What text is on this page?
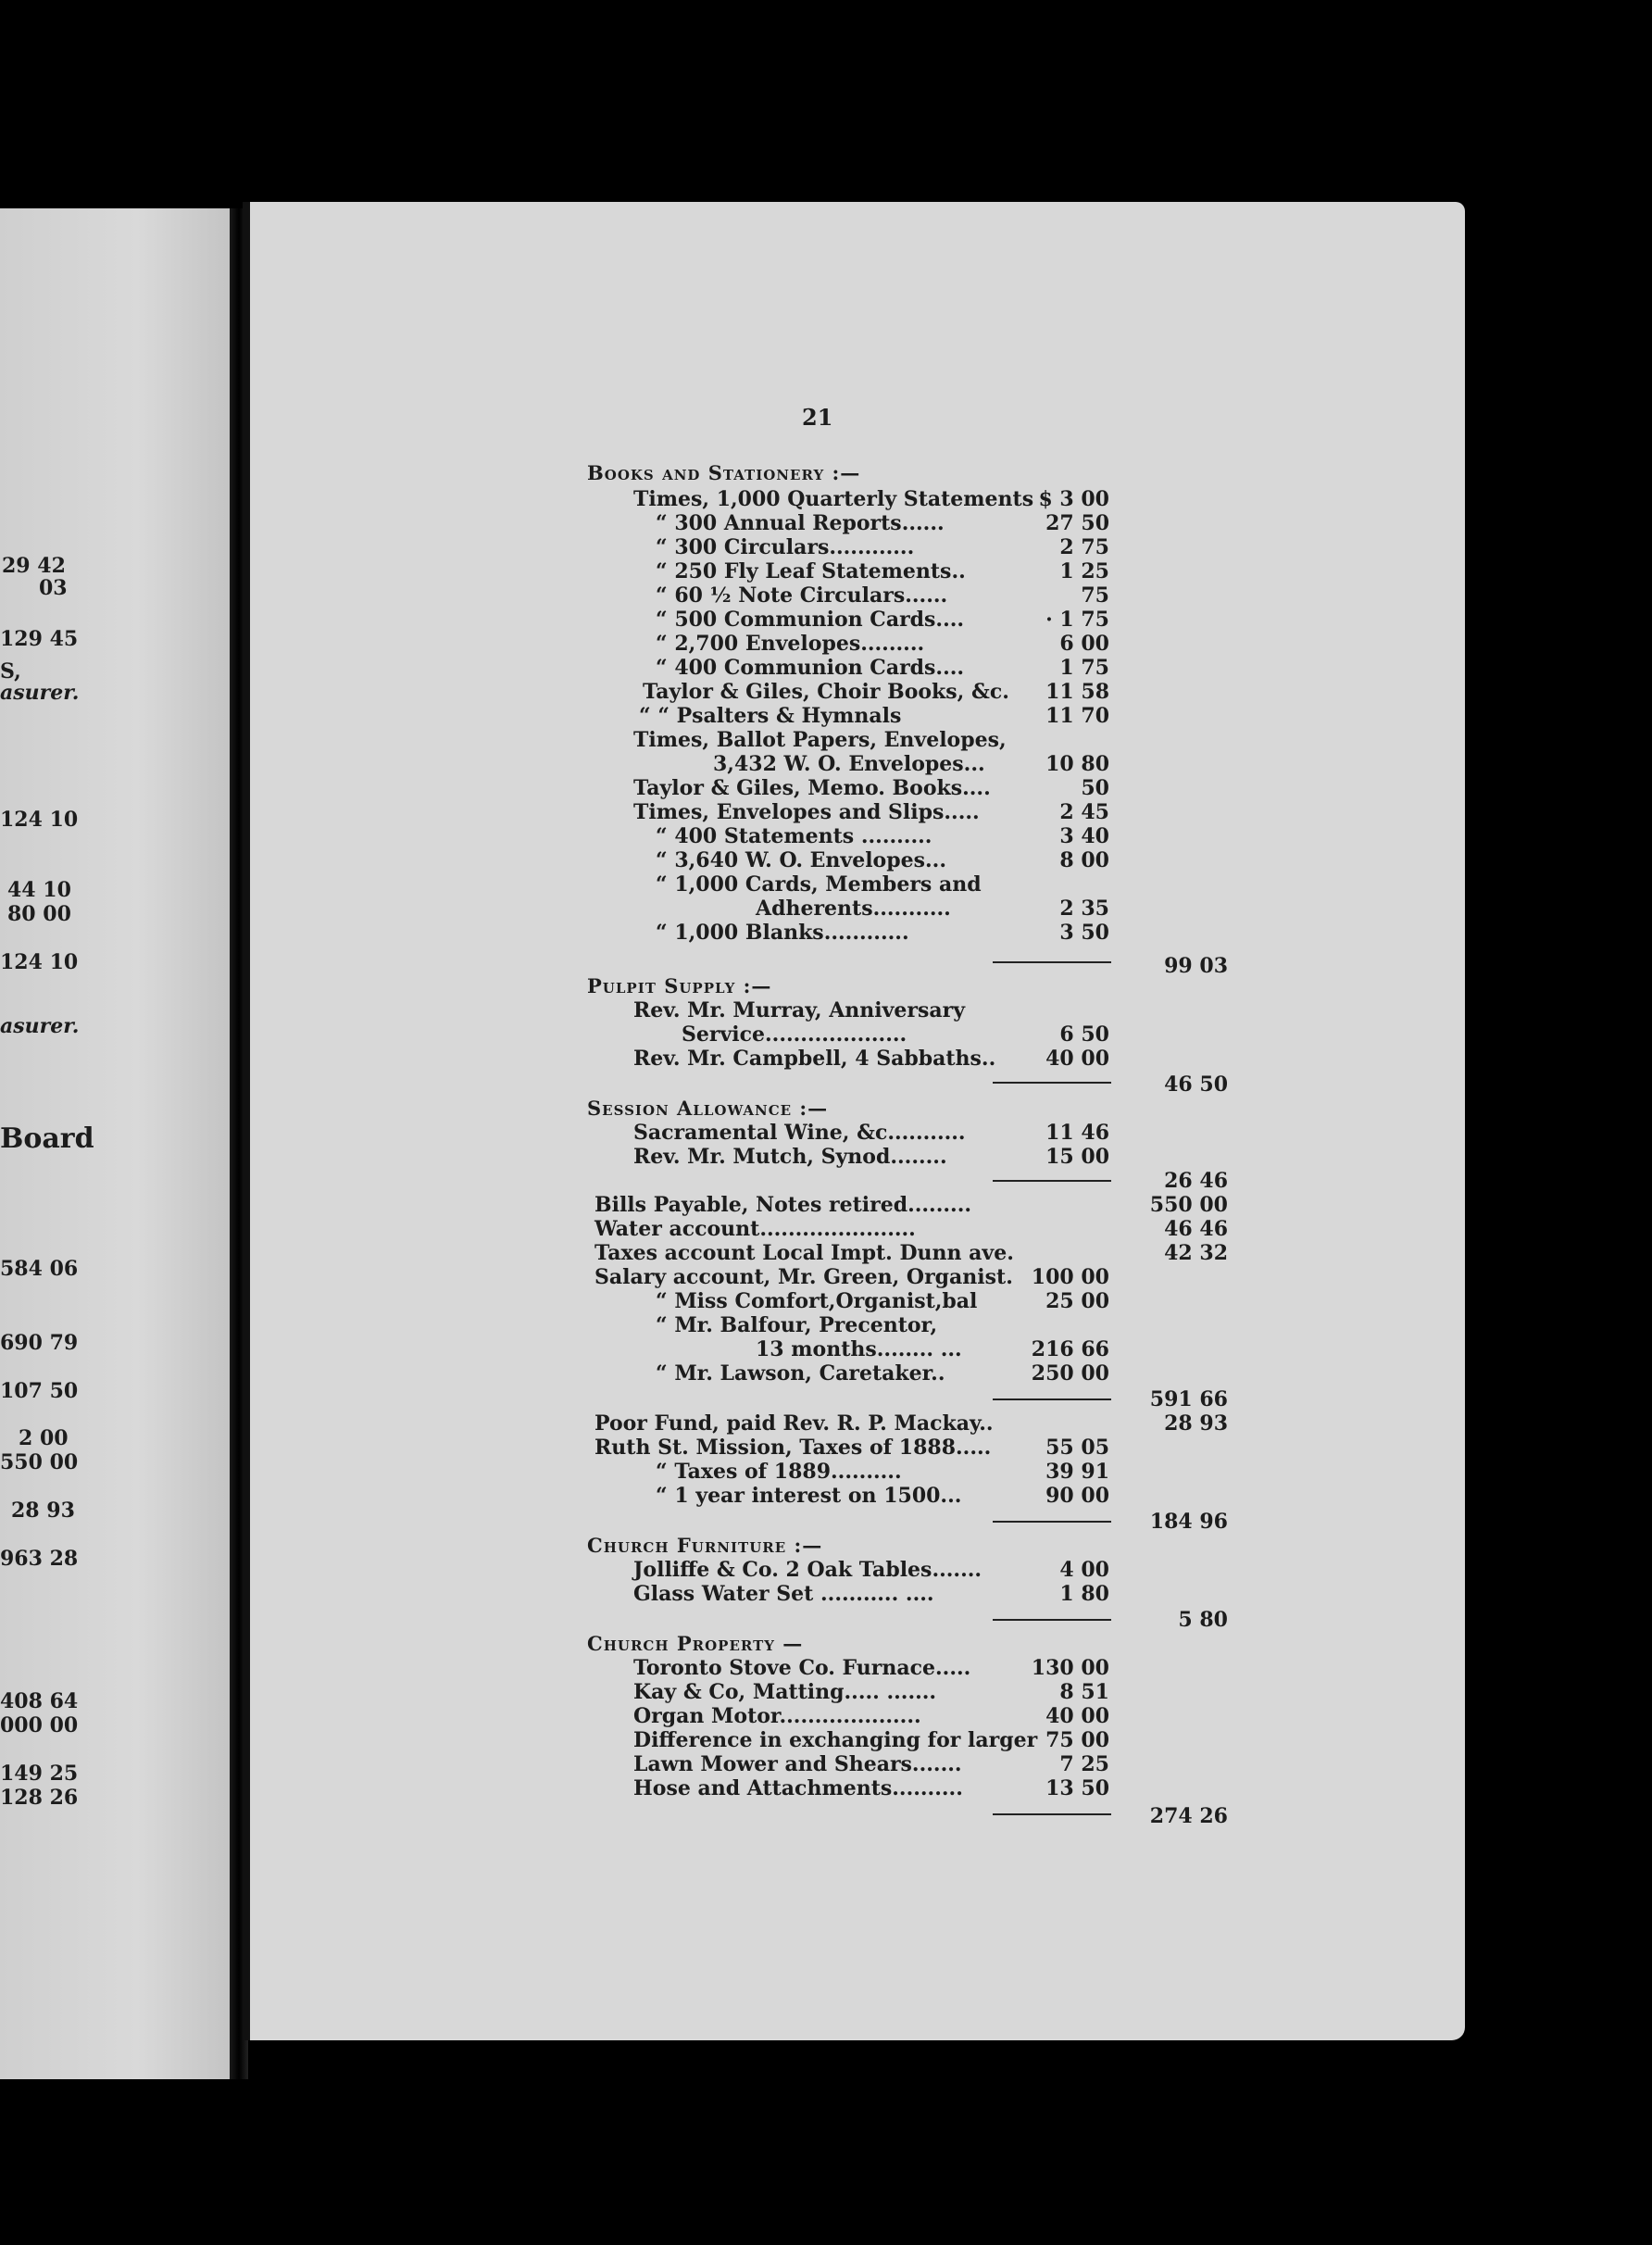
29 42
03
129 45
S,
asurer.
124 10
44 10
80 00
124 10
asurer.
Board
584 06
690 79
107 50
2 00
550 00
28 93
963 28
408 64
000 00
149 25
128 26
21
Books and Stationery :—
Times, 1,000 Quarterly Statements $ 3 00
“ 300 Annual Reports......	27 50
“ 300 Circulars............	2 75
“ 250 Fly Leaf Statements..	1 25
“ 60 ½ Note Circulars......	75
“ 500 Communion Cards....	· 1 75
“ 2,700 Envelopes.........	6 00
“ 400 Communion Cards....	1 75
Taylor & Giles, Choir Books, &c.	11 58
“ “ Psalters & Hymnals	11 70
Times, Ballot Papers, Envelopes,
3,432 W. O. Envelopes...	10 80
Taylor & Giles, Memo. Books....	50
Times, Envelopes and Slips.....	2 45
“ 400 Statements ..........	3 40
“ 3,640 W. O. Envelopes...	8 00
“ 1,000 Cards, Members and
Adherents...........	2 35
“ 1,000 Blanks............	3 50
99 03
Pulpit Supply :—
Rev. Mr. Murray, Anniversary
Service....................	6 50
Rev. Mr. Campbell, 4 Sabbaths..	40 00
46 50
Session Allowance :—
Sacramental Wine, &c...........	11 46
Rev. Mr. Mutch, Synod........	15 00
26 46
Bills Payable, Notes retired.........	550 00
Water account......................	46 46
Taxes account Local Impt. Dunn ave.	42 32
Salary account, Mr. Green, Organist. 100 00
“ Miss Comfort,Organist,bal	25 00
“ Mr. Balfour, Precentor,
13 months........ ...	216 66
“ Mr. Lawson, Caretaker..	250 00
591 66
Poor Fund, paid Rev. R. P. Mackay..	28 93
Ruth St. Mission, Taxes of 1888.....	55 05
“ Taxes of 1889..........	39 91
“ 1 year interest on 1500...	90 00
184 96
Church Furniture :—
Jolliffe & Co. 2 Oak Tables.......	4 00
Glass Water Set ........... ....	1 80
5 80
Church Property —
Toronto Stove Co. Furnace.....	130 00
Kay & Co, Matting..... .......	8 51
Organ Motor....................	40 00
Difference in exchanging for larger 75 00
Lawn Mower and Shears.......	7 25
Hose and Attachments..........	13 50
274 26
